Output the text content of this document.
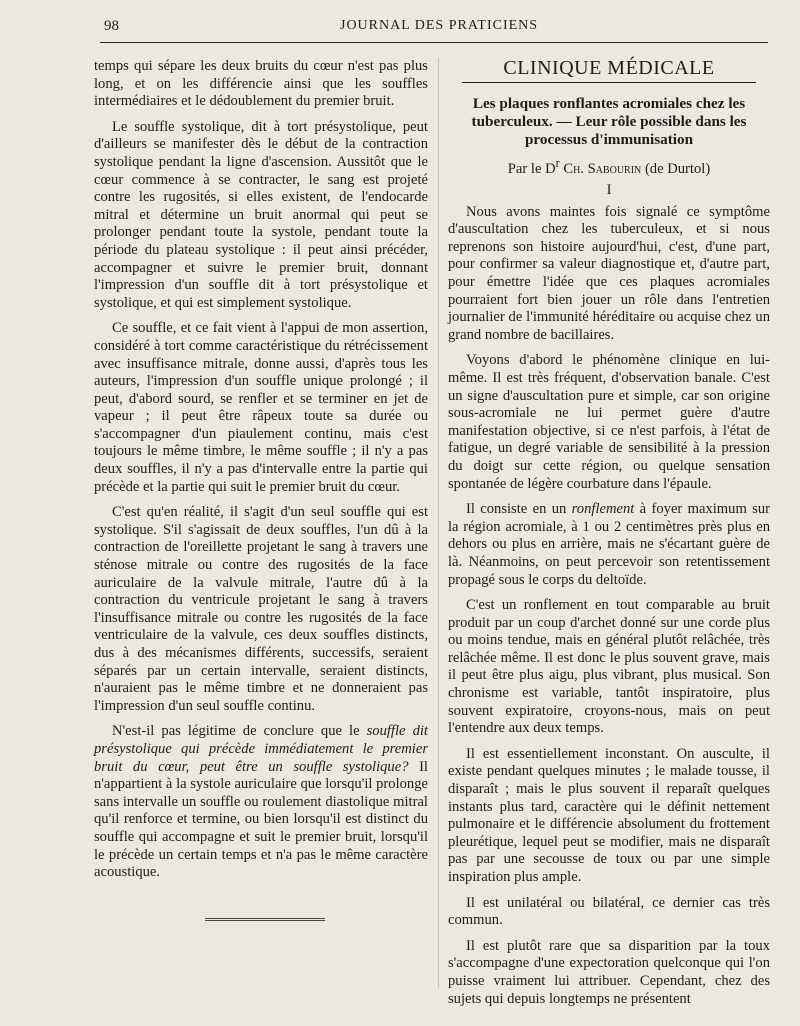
98	JOURNAL DES PRATICIENS

temps qui sépare les deux bruits du cœur n'est pas plus long, et on les différencie ainsi que les souffles intermédiaires et le dédoublement du premier bruit.

Le souffle systolique, dit à tort présystolique, peut d'ailleurs se manifester dès le début de la contraction systolique pendant la ligne d'ascension. Aussitôt que le cœur commence à se contracter, le sang est projeté contre les rugosités, si elles existent, de l'endocarde mitral et détermine un bruit anormal qui peut se prolonger pendant toute la systole, pendant toute la période du plateau systolique : il peut ainsi précéder, accompagner et suivre le premier bruit, donnant l'impression d'un souffle dit à tort présystolique et systolique, et qui est simplement systolique.

Ce souffle, et ce fait vient à l'appui de mon assertion, considéré à tort comme caractéristique du rétrécissement avec insuffisance mitrale, donne aussi, d'après tous les auteurs, l'impression d'un souffle unique prolongé ; il peut, d'abord sourd, se renfler et se terminer en jet de vapeur ; il peut être râpeux toute sa durée ou s'accompagner d'un piaulement continu, mais c'est toujours le même timbre, le même souffle ; il n'y a pas deux souffles, il n'y a pas d'intervalle entre la partie qui précède et la partie qui suit le premier bruit du cœur.

C'est qu'en réalité, il s'agit d'un seul souffle qui est systolique. S'il s'agissait de deux souffles, l'un dû à la contraction de l'oreillette projetant le sang à travers une sténose mitrale ou contre des rugosités de la face auriculaire de la valvule mitrale, l'autre dû à la contraction du ventricule projetant le sang à travers l'insuffisance mitrale ou contre les rugosités de la face ventriculaire de la valvule, ces deux souffles distincts, dus à des mécanismes différents, successifs, seraient séparés par un certain intervalle, seraient distincts, n'auraient pas le même timbre et ne donneraient pas l'impression d'un seul souffle continu.

N'est-il pas légitime de conclure que le souffle dit présystolique qui précède immédiatement le premier bruit du cœur, peut être un souffle systolique? Il n'appartient à la systole auriculaire que lorsqu'il prolonge sans intervalle un souffle ou roulement diastolique mitral qu'il renforce et termine, ou bien lorsqu'il est distinct du souffle qui accompagne et suit le premier bruit, lorsqu'il le précède un certain temps et n'a pas le même caractère acoustique.

CLINIQUE MÉDICALE
Les plaques ronflantes acromiales chez les tuberculeux. — Leur rôle possible dans les processus d'immunisation
Par le $D^r$ Ch. Sabourin (de Durtol)
I

Nous avons maintes fois signalé ce symptôme d'auscultation chez les tuberculeux, et si nous reprenons son histoire aujourd'hui, c'est, d'une part, pour confirmer sa valeur diagnostique et, d'autre part, pour émettre l'idée que ces plaques acromiales pourraient fort bien jouer un rôle dans l'entretien journalier de l'immunité héréditaire ou acquise chez un grand nombre de bacillaires.

Voyons d'abord le phénomène clinique en lui-même. Il est très fréquent, d'observation banale. C'est un signe d'auscultation pure et simple, car son origine sous-acromiale ne lui permet guère d'autre manifestation objective, si ce n'est parfois, à l'état de fatigue, un degré variable de sensibilité à la pression du doigt sur cette région, ou quelque sensation spontanée de légère courbature dans l'épaule.

Il consiste en un ronflement à foyer maximum sur la région acromiale, à 1 ou 2 centimètres près plus en dehors ou plus en arrière, mais ne s'écartant guère de là. Néanmoins, on peut percevoir son retentissement propagé sous le corps du deltoïde.

C'est un ronflement en tout comparable au bruit produit par un coup d'archet donné sur une corde plus ou moins tendue, mais en général plutôt relâchée, très relâchée même. Il est donc le plus souvent grave, mais il peut être plus aigu, plus vibrant, plus musical. Son chronisme est variable, tantôt inspiratoire, plus souvent expiratoire, croyons-nous, mais on peut l'entendre aux deux temps.

Il est essentiellement inconstant. On ausculte, il existe pendant quelques minutes ; le malade tousse, il disparaît ; mais le plus souvent il reparaît quelques instants plus tard, caractère qui le définit nettement pulmonaire et le différencie absolument du frottement pleurétique, lequel peut se modifier, mais ne disparaît pas par une secousse de toux ou par une simple inspiration plus ample.

Il est unilatéral ou bilatéral, ce dernier cas très commun.

Il est plutôt rare que sa disparition par la toux s'accompagne d'une expectoration quelconque qui l'on puisse vraiment lui attribuer. Cependant, chez des sujets qui depuis longtemps ne présentent
